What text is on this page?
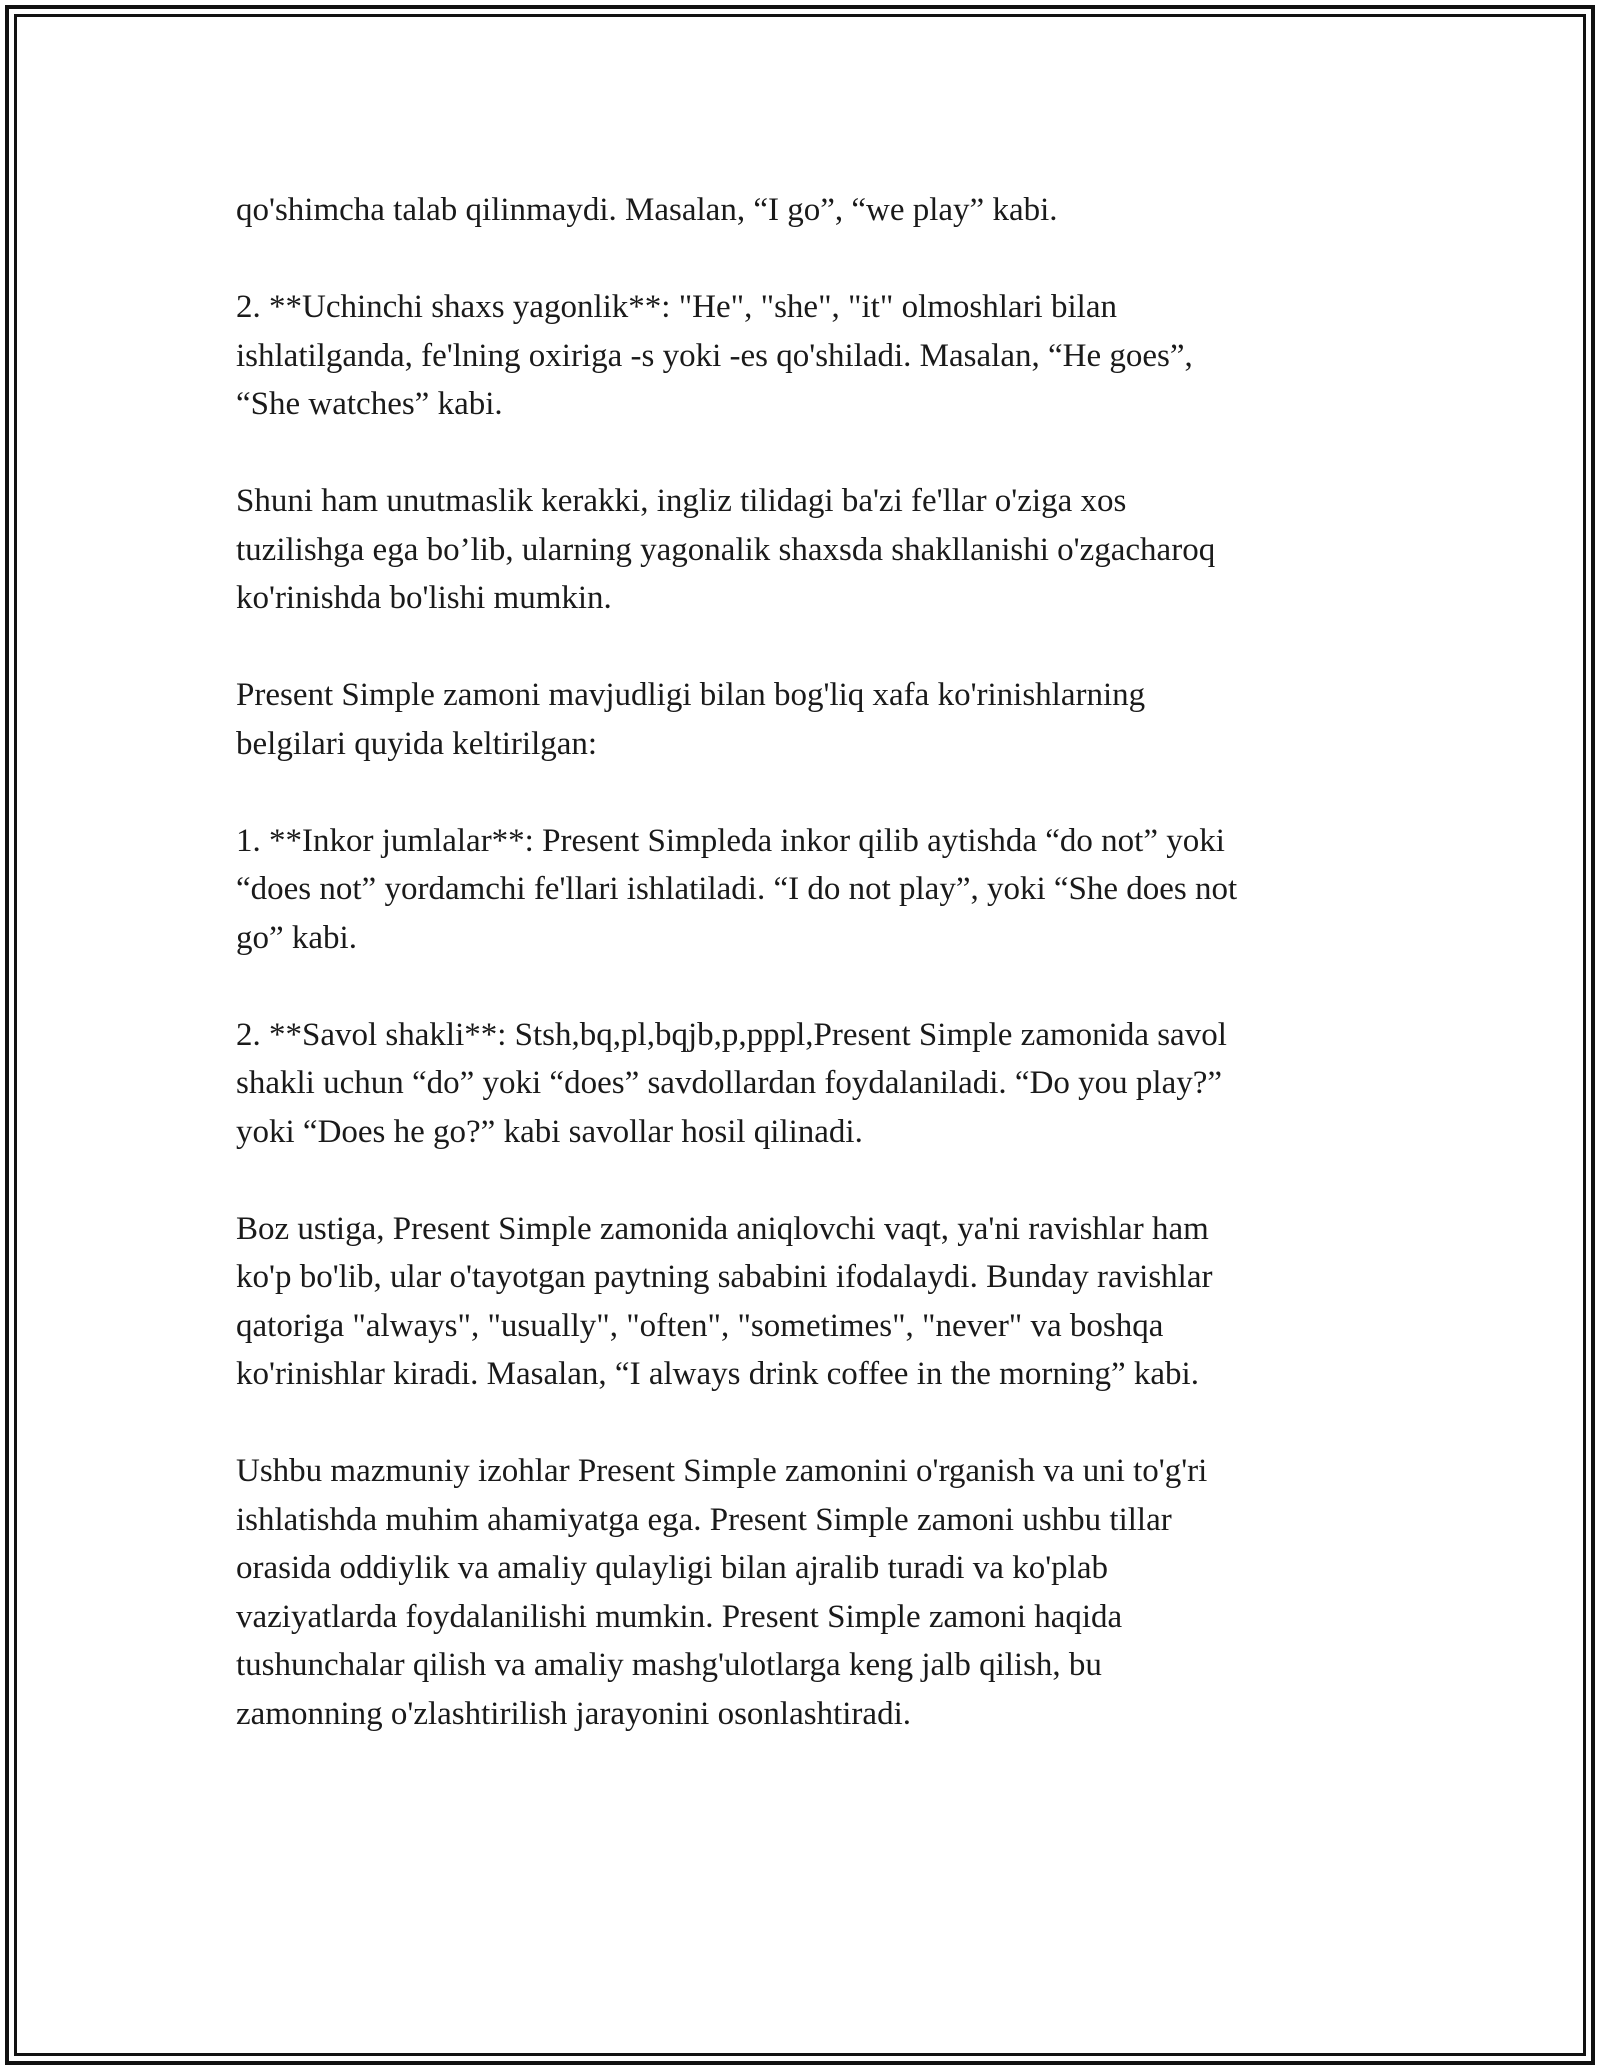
qo'shimcha talab qilinmaydi. Masalan, “I go”, “we play” kabi.

2. **Uchinchi shaxs yagonlik**: "He", "she", "it" olmoshlari bilan
ishlatilganda, fe'lning oxiriga -s yoki -es qo'shiladi. Masalan, “He goes”,
“She watches” kabi.

Shuni ham unutmaslik kerakki, ingliz tilidagi ba'zi fe'llar o'ziga xos
tuzilishga ega bo’lib, ularning yagonalik shaxsda shakllanishi o'zgacharoq
ko'rinishda bo'lishi mumkin.

Present Simple zamoni mavjudligi bilan bog'liq xafa ko'rinishlarning
belgilari quyida keltirilgan:

1. **Inkor jumlalar**: Present Simpleda inkor qilib aytishda “do not” yoki
“does not” yordamchi fe'llari ishlatiladi. “I do not play”, yoki “She does not
go” kabi.

2. **Savol shakli**: Stsh,bq,pl,bqjb,p,pppl,Present Simple zamonida savol
shakli uchun “do” yoki “does” savdollardan foydalaniladi. “Do you play?”
yoki “Does he go?” kabi savollar hosil qilinadi.

Boz ustiga, Present Simple zamonida aniqlovchi vaqt, ya'ni ravishlar ham
ko'p bo'lib, ular o'tayotgan paytning sababini ifodalaydi. Bunday ravishlar
qatoriga "always", "usually", "often", "sometimes", "never" va boshqa
ko'rinishlar kiradi. Masalan, “I always drink coffee in the morning” kabi.

Ushbu mazmuniy izohlar Present Simple zamonini o'rganish va uni to'g'ri
ishlatishda muhim ahamiyatga ega. Present Simple zamoni ushbu tillar
orasida oddiylik va amaliy qulayligi bilan ajralib turadi va ko'plab
vaziyatlarda foydalanilishi mumkin. Present Simple zamoni haqida
tushunchalar qilish va amaliy mashg'ulotlarga keng jalb qilish, bu
zamonning o'zlashtirilish jarayonini osonlashtiradi.
